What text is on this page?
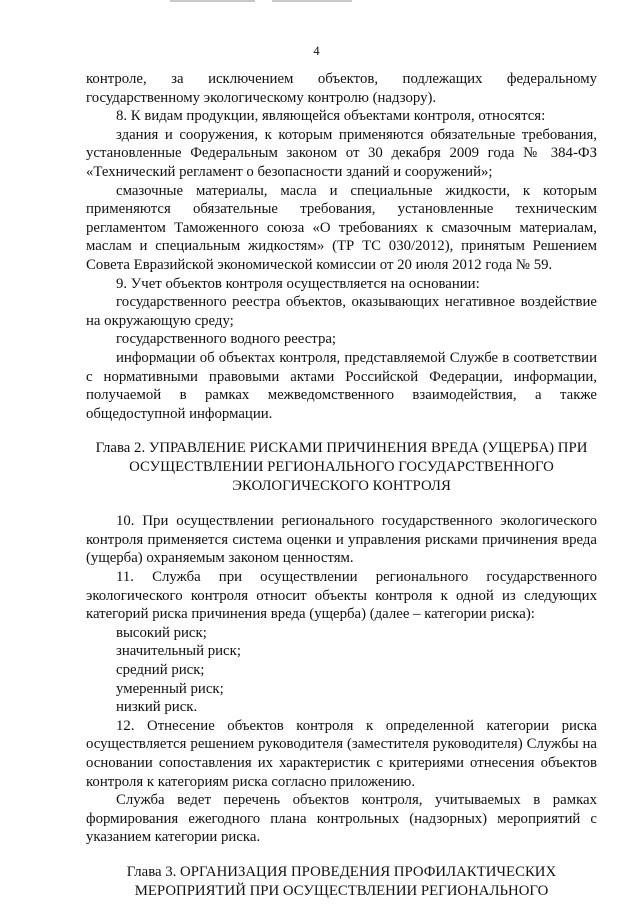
4

контроле, за исключением объектов, подлежащих федеральному государственному экологическому контролю (надзору).

8. К видам продукции, являющейся объектами контроля, относятся:

здания и сооружения, к которым применяются обязательные требования, установленные Федеральным законом от 30 декабря 2009 года № 384-ФЗ «Технический регламент о безопасности зданий и сооружений»;

смазочные материалы, масла и специальные жидкости, к которым применяются обязательные требования, установленные техническим регламентом Таможенного союза «О требованиях к смазочным материалам, маслам и специальным жидкостям» (ТР ТС 030/2012), принятым Решением Совета Евразийской экономической комиссии от 20 июля 2012 года № 59.

9. Учет объектов контроля осуществляется на основании:

государственного реестра объектов, оказывающих негативное воздействие на окружающую среду;

государственного водного реестра;

информации об объектах контроля, представляемой Службе в соответствии с нормативными правовыми актами Российской Федерации, информации, получаемой в рамках межведомственного взаимодействия, а также общедоступной информации.

Глава 2. УПРАВЛЕНИЕ РИСКАМИ ПРИЧИНЕНИЯ ВРЕДА (УЩЕРБА) ПРИ ОСУЩЕСТВЛЕНИИ РЕГИОНАЛЬНОГО ГОСУДАРСТВЕННОГО ЭКОЛОГИЧЕСКОГО КОНТРОЛЯ

10. При осуществлении регионального государственного экологического контроля применяется система оценки и управления рисками причинения вреда (ущерба) охраняемым законом ценностям.

11. Служба при осуществлении регионального государственного экологического контроля относит объекты контроля к одной из следующих категорий риска причинения вреда (ущерба) (далее – категории риска):

высокий риск;

значительный риск;

средний риск;

умеренный риск;

низкий риск.

12. Отнесение объектов контроля к определенной категории риска осуществляется решением руководителя (заместителя руководителя) Службы на основании сопоставления их характеристик с критериями отнесения объектов контроля к категориям риска согласно приложению.

Служба ведет перечень объектов контроля, учитываемых в рамках формирования ежегодного плана контрольных (надзорных) мероприятий с указанием категории риска.

Глава 3. ОРГАНИЗАЦИЯ ПРОВЕДЕНИЯ ПРОФИЛАКТИЧЕСКИХ МЕРОПРИЯТИЙ ПРИ ОСУЩЕСТВЛЕНИИ РЕГИОНАЛЬНОГО
